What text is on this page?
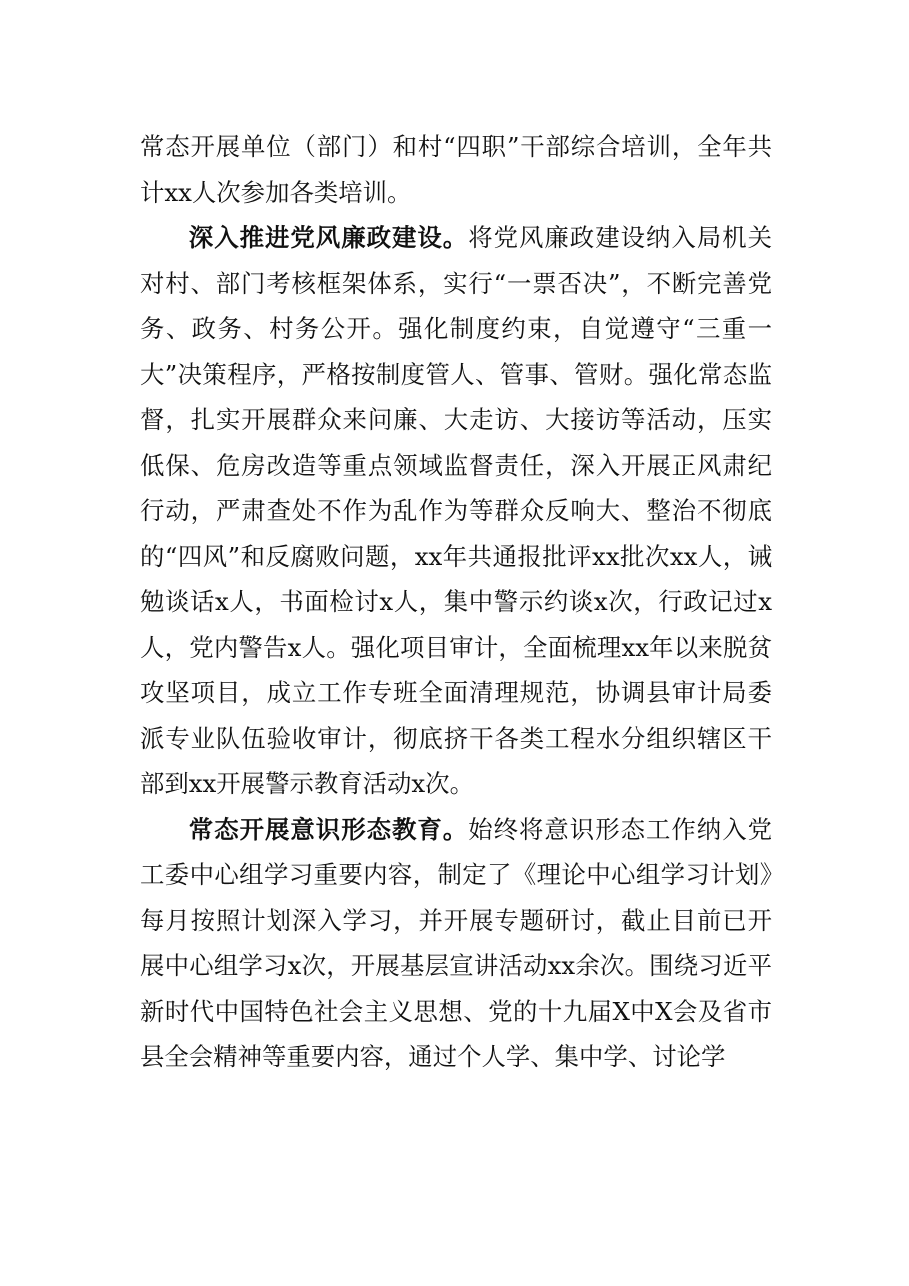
常态开展单位（部门）和村“四职”干部综合培训，全年共计xx人次参加各类培训。

深入推进党风廉政建设。将党风廉政建设纳入局机关对村、部门考核框架体系，实行“一票否决”，不断完善党务、政务、村务公开。强化制度约束，自觉遵守“三重一大”决策程序，严格按制度管人、管事、管财。强化常态监督，扎实开展群众来问廉、大走访、大接访等活动，压实低保、危房改造等重点领域监督责任，深入开展正风肃纪行动，严肃查处不作为乱作为等群众反响大、整治不彻底的“四风”和反腐败问题，xx年共通报批评xx批次xx人，诫勉谈话x人，书面检讨x人，集中警示约谈x次，行政记过x人，党内警告x人。强化项目审计，全面梳理xx年以来脱贫攻坚项目，成立工作专班全面清理规范，协调县审计局委派专业队伍验收审计，彻底挤干各类工程水分组织辖区干部到xx开展警示教育活动x次。

常态开展意识形态教育。始终将意识形态工作纳入党工委中心组学习重要内容，制定了《理论中心组学习计划》每月按照计划深入学习，并开展专题研讨，截止目前已开展中心组学习x次，开展基层宣讲活动xx余次。围绕习近平新时代中国特色社会主义思想、党的十九届X中X会及省市县全会精神等重要内容，通过个人学、集中学、讨论学
